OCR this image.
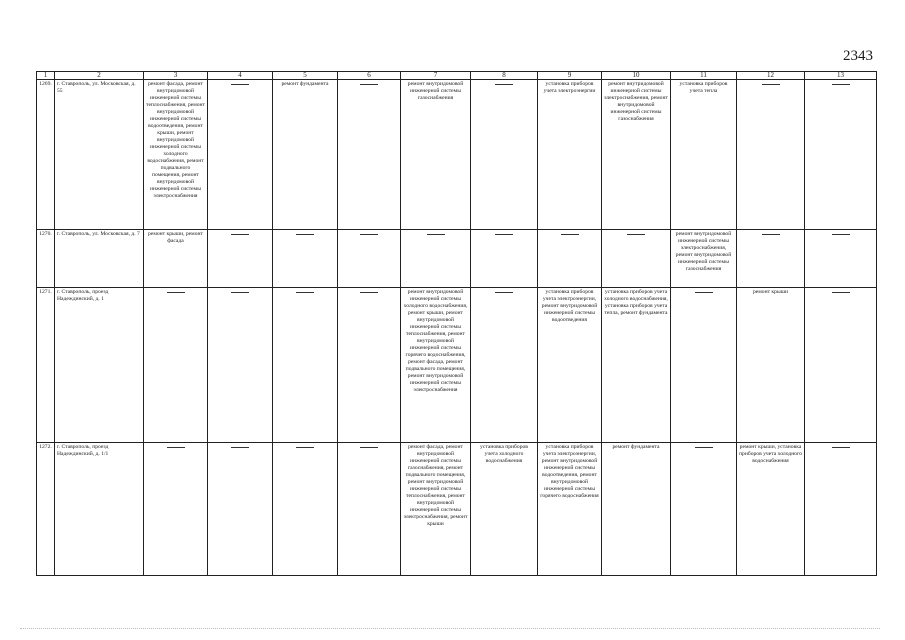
2343
1	2	3	4	5	6	7	8	9	10	11	12	13
1269.	г. Ставрополь, ул. Московская, д. 55	ремонт фасада, ремонт внутридомовой инженерной системы теплоснабжения, ремонт внутридомовой инженерной системы водоотведения, ремонт крыши, ремонт внутридомовой инженерной системы холодного водоснабжения, ремонт подвального помещения, ремонт внутридомовой инженерной системы электроснабжения		ремонт фундамента		ремонт внутридомовой инженерной системы газоснабжения		установка приборов учета электроэнергии	ремонт внутридомовой инженерной системы электроснабжения, ремонт внутридомовой инженерной системы газоснабжения	установка приборов учета тепла		
1270.	г. Ставрополь, ул. Московская, д. 7	ремонт крыши, ремонт фасада								ремонт внутридомовой инженерной системы электроснабжения, ремонт внутридомовой инженерной системы газоснабжения		
1271.	г. Ставрополь, проезд Надеждинский, д. 1					ремонт внутридомовой инженерной системы холодного водоснабжения, ремонт крыши, ремонт внутридомовой инженерной системы теплоснабжения, ремонт внутридомовой инженерной системы горячего водоснабжения, ремонт фасада, ремонт подвального помещения, ремонт внутридомовой инженерной системы электроснабжения		установка приборов учета электроэнергии, ремонт внутридомовой инженерной системы водоотведения	установка приборов учета холодного водоснабжения, установка приборов учета тепла, ремонт фундамента		ремонт крыши	
1272.	г. Ставрополь, проезд Надеждинский, д. 1/1					ремонт фасада, ремонт внутридомовой инженерной системы газоснабжения, ремонт подвального помещения, ремонт внутридомовой инженерной системы теплоснабжения, ремонт внутридомовой инженерной системы электроснабжения, ремонт крыши	установка приборов учета холодного водоснабжения	установка приборов учета электроэнергии, ремонт внутридомовой инженерной системы водоотведения, ремонт внутридомовой инженерной системы горячего водоснабжения	ремонт фундамента		ремонт крыши, установка приборов учета холодного водоснабжения	
